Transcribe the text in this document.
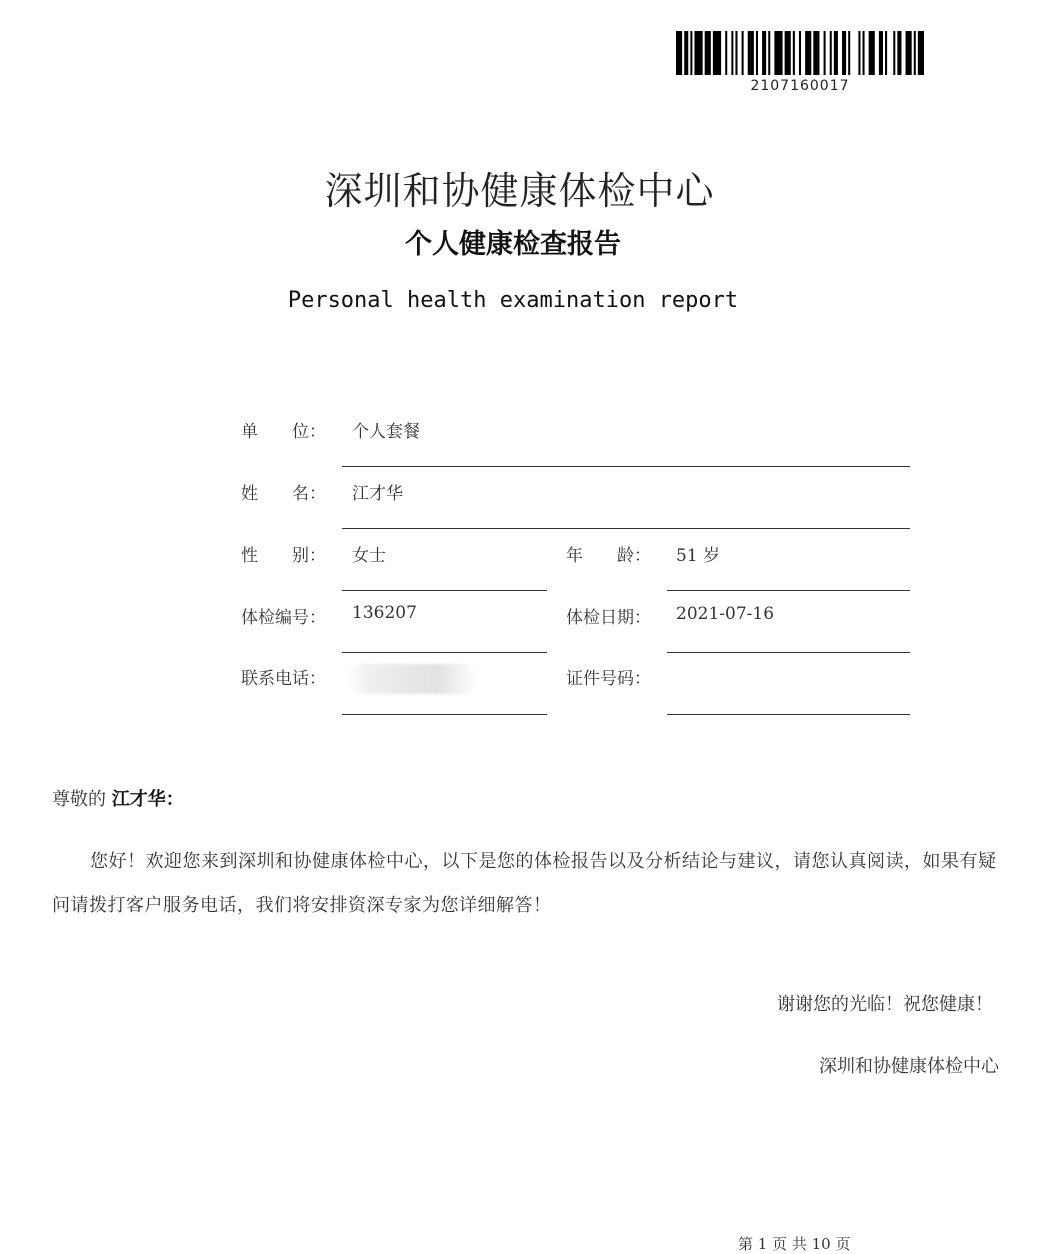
2107160017
深圳和协健康体检中心
个人健康检查报告
Personal health examination report
单　　位： 个人套餐
姓　　名： 江才华
性　　别： 女士	年　　龄： 51 岁
体检编号： 136207	体检日期： 2021-07-16
联系电话：	证件号码：
尊敬的 江才华：
您好！欢迎您来到深圳和协健康体检中心，以下是您的体检报告以及分析结论与建议，请您认真阅读，如果有疑问请拨打客户服务电话，我们将安排资深专家为您详细解答！
谢谢您的光临！祝您健康！
深圳和协健康体检中心
第 1 页 共 10 页
